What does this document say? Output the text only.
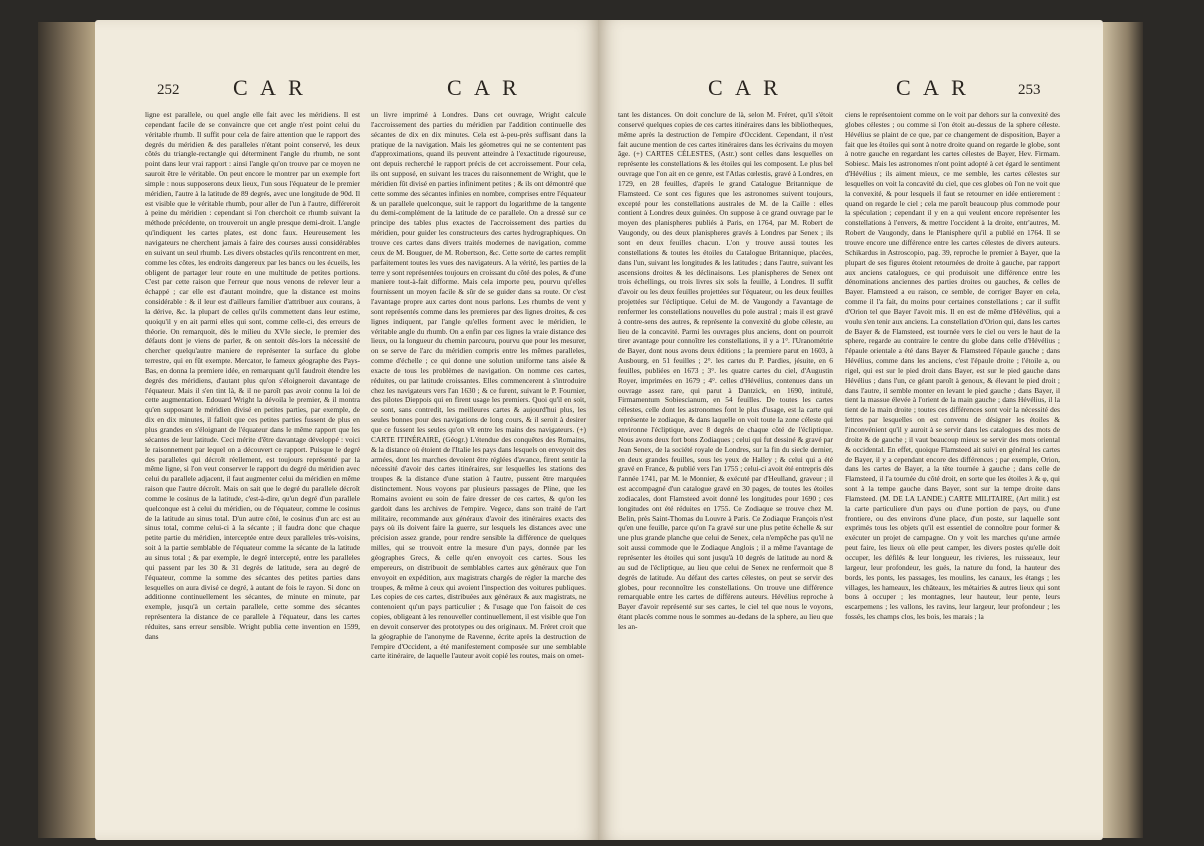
252 C A R	C A R
ligne est parallele, ou quel angle elle fait avec les méridiens. Il est cependant facile de se convaincre que cet angle n'est point celui du véritable rhumb. Il suffit pour cela de faire attention que le rapport des degrés du méridien & des paralleles n'étant point conservé, les deux côtés du triangle-rectangle qui déterminent l'angle du rhumb, ne sont point dans leur vrai rapport : ainsi l'angle qu'on trouve par ce moyen ne sauroit être le véritable. On peut encore le montrer par un exemple fort simple : nous supposerons deux lieux, l'un sous l'équateur de le premier méridien, l'autre à la latitude de 89 degrés, avec une longitude de 90d. Il est visible que le véritable rhumb, pour aller de l'un à l'autre, différeroit à peine du méridien : cependant si l'on cherchoit ce rhumb suivant la méthode précédente, on trouveroit un angle presque demi-droit. L'angle qu'indiquent les cartes plates, est donc faux. Heureusement les navigateurs ne cherchent jamais à faire des courses aussi considérables en suivant un seul rhumb. Les divers obstacles qu'ils rencontrent en mer, comme les côtes, les endroits dangereux par les bancs ou les écueils, les obligent de partager leur route en une multitude de petites portions. C'est par cette raison que l'erreur que nous venons de relever leur a échappé ; car elle est d'autant moindre, que la distance est moins considérable : & il leur est d'ailleurs familier d'attribuer aux courans, à la dérive, &c. la plupart de celles qu'ils commettent dans leur estime, quoiqu'il y en ait parmi elles qui sont, comme celle-ci, des erreurs de théorie. On remarquoit, dès le milieu du XVIe siecle, le premier des défauts dont je viens de parler, & on sentoit dès-lors la nécessité de chercher quelqu'autre maniere de représenter la surface du globe terrestre, qui en fût exempte. Mercator, le fameux géographe des Pays-Bas, en donna la premiere idée, en remarquant qu'il faudroit étendre les degrés des méridiens, d'autant plus qu'on s'éloigneroit davantage de l'équateur. Mais il s'en tint là, & il ne paroît pas avoir connu la loi de cette augmentation. Edouard Wright la dévoila le premier, & il montra qu'en supposant le méridien divisé en petites parties, par exemple, de dix en dix minutes, il falloit que ces petites parties fussent de plus en plus grandes en s'éloignant de l'équateur dans le même rapport que les sécantes de leur latitude. Ceci mérite d'être davantage développé : voici le raisonnement par lequel on a découvert ce rapport. Puisque le degré des paralleles qui décroît réellement, est toujours représenté par la même ligne, si l'on veut conserver le rapport du degré du méridien avec celui du parallele adjacent, il faut augmenter celui du méridien en même raison que l'autre décroît. Mais on sait que le degré du parallele décroît comme le cosinus de la latitude, c'est-à-dire, qu'un degré d'un parallele quelconque est à celui du méridien, ou de l'équateur, comme le cosinus de la latitude au sinus total. D'un autre côté, le cosinus d'un arc est au sinus total, comme celui-ci à la sécante ; il faudra donc que chaque petite partie du méridien, interceptée entre deux paralleles très-voisins, soit à la partie semblable de l'équateur comme la sécante de la latitude au sinus total ; & par exemple, le degré intercepté, entre les paralleles qui passent par les 30 & 31 degrés de latitude, sera au degré de l'équateur, comme la somme des sécantes des petites parties dans lesquelles on aura divisé ce degré, à autant de fois le rayon. Si donc on additionne continuellement les sécantes, de minute en minute, par exemple, jusqu'à un certain parallele, cette somme des sécantes représentera la distance de ce parallele à l'équateur, dans les cartes réduites, sans erreur sensible. Wright publia cette invention en 1599, dans
un livre imprimé à Londres. Dans cet ouvrage, Wright calcule l'accroissement des parties du méridien par l'addition continuelle des sécantes de dix en dix minutes. Cela est à-peu-près suffisant dans la pratique de la navigation. Mais les géometres qui ne se contentent pas d'approximations, quand ils peuvent atteindre à l'exactitude rigoureuse, ont depuis recherché le rapport précis de cet accroissement. Pour cela, ils ont supposé, en suivant les traces du raisonnement de Wright, que le méridien fût divisé en parties infiniment petites ; & ils ont démontré que cette somme des sécantes infinies en nombre, comprises entre l'équateur & un parallele quelconque, suit le rapport du logarithme de la tangente du demi-complément de la latitude de ce parallele. On a dressé sur ce principe des tables plus exactes de l'accroissement des parties du méridien, pour guider les constructeurs des cartes hydrographiques. On trouve ces cartes dans divers traités modernes de navigation, comme ceux de M. Bouguer, de M. Robertson, &c. Cette sorte de cartes remplit parfaitement toutes les vues des navigateurs. A la vérité, les parties de la terre y sont représentées toujours en croissant du côté des poles, & d'une maniere tout-à-fait difforme. Mais cela importe peu, pourvu qu'elles fournissent un moyen facile & sûr de se guider dans sa route. Or c'est l'avantage propre aux cartes dont nous parlons. Les rhumbs de vent y sont représentés comme dans les premieres par des lignes droites, & ces lignes indiquent, par l'angle qu'elles forment avec le méridien, le véritable angle du rhumb. On a enfin par ces lignes la vraie distance des lieux, ou la longueur du chemin parcouru, pourvu que pour les mesurer, on se serve de l'arc du méridien compris entre les mêmes paralleles, comme d'échelle ; ce qui donne une solution uniforme tans aisée & exacte de tous les problèmes de navigation. On nomme ces cartes, réduites, ou par latitude croissantes. Elles commencerent à s'introduire chez les navigateurs vers l'an 1630 ; & ce furent, suivant le P. Fournier, des pilotes Dieppois qui en firent usage les premiers. Quoi qu'il en soit, ce sont, sans contredit, les meilleures cartes & aujourd'hui plus, les seules bonnes pour des navigations de long cours, & il seroit à desirer que ce fussent les seules qu'on vît entre les mains des navigateurs. (+) CARTE ITINÉRAIRE, (Géogr.) L'étendue des conquêtes des Romains, & la distance où étoient de l'Italie les pays dans lesquels on envoyoit des armées, dont les marches devoient être réglées d'avance, firent sentir la nécessité d'avoir des cartes itinéraires, sur lesquelles les stations des troupes & la distance d'une station à l'autre, pussent être marquées distinctement. Nous voyons par plusieurs passages de Pline, que les Romains avoient eu soin de faire dresser de ces cartes, & qu'on les gardoit dans les archives de l'empire. Vegece, dans son traité de l'art militaire, recommande aux généraux d'avoir des itinéraires exacts des pays où ils doivent faire la guerre, sur lesquels les distances avec une précision assez grande, pour rendre sensible la différence de quelques milles, qui se trouvoit entre la mesure d'un pays, donnée par les géographes Grecs, & celle qu'en envoyoit ces cartes. Sous les empereurs, on distribuoit de semblables cartes aux généraux que l'on envoyoit en expédition, aux magistrats chargés de régler la marche des troupes, & même à ceux qui avoient l'inspection des voitures publiques. Les copies de ces cartes, distribuées aux généraux & aux magistrats, ne contenoient qu'un pays particulier ; & l'usage que l'on faisoit de ces copies, obligeant à les renouveller continuellement, il est visible que l'on en devoit conserver des prototypes ou des originaux. M. Fréret croit que la géographie de l'anonyme de Ravenne, écrite après la destruction de l'empire d'Occident, a été manifestement composée sur une semblable carte itinéraire, de laquelle l'auteur avoit copié les routes, mais on omet-
C A R	C A R	253
tant les distances. On doit conclure de là, selon M. Fréret, qu'il s'étoit conservé quelques copies de ces cartes itinéraires dans les bibliotheques, même après la destruction de l'empire d'Occident. Cependant, il n'est fait aucune mention de ces cartes itinéraires dans les écrivains du moyen âge. (+) CARTES CÉLESTES, (Astr.) sont celles dans lesquelles on représente les constellations & les étoiles qui les composent. Le plus bel ouvrage que l'on ait en ce genre, est l'Atlas cœlestis, gravé à Londres, en 1729, en 28 feuilles, d'après le grand Catalogue Britannique de Flamsteed. Ce sont ces figures que les astronomes suivent toujours, excepté pour les constellations australes de M. de la Caille : elles contient à Londres deux guinées. On suppose à ce grand ouvrage par le moyen des planispheres publiés à Paris, en 1764, par M. Robert de Vaugondy, ou des deux planispheres gravés à Londres par Senex ; ils sont en deux feuilles chacun. L'on y trouve aussi toutes les constellations & toutes les étoiles du Catalogue Britannique, placées, dans l'un, suivant les longitudes & les latitudes ; dans l'autre, suivant les ascensions droites & les déclinaisons. Les planispheres de Senex ont trois échellings, ou trois livres six sols la feuille, à Londres. Il suffit d'avoir ou les deux feuilles projettées sur l'équateur, ou les deux feuilles projettées sur l'écliptique. Celui de M. de Vaugondy a l'avantage de renfermer les constellations nouvelles du pole austral ; mais il est gravé à contre-sens des autres, & représente la convexité du globe céleste, au lieu de la concavité. Parmi les ouvrages plus anciens, dont on pourroit tirer avantage pour connoître les constellations, il y a 1°. l'Uranométrie de Bayer, dont nous avons deux éditions ; la premiere parut en 1603, à Ausbourg, en 51 feuilles ; 2°. les cartes du P. Pardies, jésuite, en 6 feuilles, publiées en 1673 ; 3°. les quatre cartes du ciel, d'Augustin Royer, imprimées en 1679 ; 4°. celles d'Hévélius, contenues dans un ouvrage assez rare, qui parut à Dantzick, en 1690, intitulé, Firmamentum Sobiescianum, en 54 feuilles. De toutes les cartes célestes, celle dont les astronomes font le plus d'usage, est la carte qui représente le zodiaque, & dans laquelle on voit toute la zone céleste qui environne l'écliptique, avec 8 degrés de chaque côté de l'écliptique. Nous avons deux fort bons Zodiaques ; celui qui fut dessiné & gravé par Jean Senex, de la société royale de Londres, sur la fin du siecle dernier, en deux grandes feuilles, sous les yeux de Halley ; & celui qui a été gravé en France, & publié vers l'an 1755 ; celui-ci avoit été entrepris dès l'année 1741, par M. le Monnier, & exécuté par d'Heulland, graveur ; il est accompagné d'un catalogue gravé en 30 pages, de toutes les étoiles zodiacales, dont Flamsteed avoit donné les longitudes pour 1690 ; ces longitudes ont été réduites en 1755. Ce Zodiaque se trouve chez M. Belin, près Saint-Thomas du Louvre à Paris. Ce Zodiaque François n'est qu'en une feuille, parce qu'on l'a gravé sur une plus petite échelle & sur une plus grande planche que celui de Senex, cela n'empêche pas qu'il ne soit aussi commode que le Zodiaque Anglois ; il a même l'avantage de représenter les étoiles qui sont jusqu'à 10 degrés de latitude au nord & au sud de l'écliptique, au lieu que celui de Senex ne renfermoit que 8 degrés de latitude. Au défaut des cartes célestes, on peut se servir des globes, pour reconnoître les constellations. On trouve une différence remarquable entre les cartes de différens auteurs. Hévélius reproche à Bayer d'avoir représenté sur ses cartes, le ciel tel que nous le voyons, étant placés comme nous le sommes au-dedans de la sphere, au lieu que les an-
ciens le représentoient comme on le voit par dehors sur la convexité des globes célestes ; ou comme si l'on étoit au-dessus de la sphere céleste. Hévélius se plaint de ce que, par ce changement de disposition, Bayer a fait que les étoiles qui sont à notre droite quand on regarde le globe, sont à notre gauche en regardant les cartes célestes de Bayer, Hev. Firmam. Sobiesc. Mais les astronomes n'ont point adopté à cet égard le sentiment d'Hévélius ; ils aiment mieux, ce me semble, les cartes célestes sur lesquelles on voit la concavité du ciel, que ces globes où l'on ne voit que la convexité, & pour lesquels il faut se retourner en idée entierement : quand on regarde le ciel ; cela me paroît beaucoup plus commode pour la spéculation ; cependant il y en a qui veulent encore représenter les constellations à l'envers, & mettre l'occident à la droite, entr'autres, M. Robert de Vaugondy, dans le Planisphere qu'il a publié en 1764. Il se trouve encore une différence entre les cartes célestes de divers auteurs. Schikardus in Astroscopio, pag. 39, reproche le premier à Bayer, que la plupart de ses figures étoient retournées de droite à gauche, par rapport aux anciens catalogues, ce qui produisoit une différence entre les dénominations anciennes des parties droites ou gauches, & celles de Bayer. Flamsteed a eu raison, ce semble, de corriger Bayer en cela, comme il l'a fait, du moins pour certaines constellations ; car il suffit d'Orion tel que Bayer l'avoit mis. Il en est de même d'Hévélius, qui a voulu s'en tenir aux anciens. La constellation d'Orion qui, dans les cartes de Bayer & de Flamsteed, est tournée vers le ciel ou vers le haut de la sphere, regarde au contraire le centre du globe dans celle d'Hévélius ; l'épaule orientale a été dans Bayer & Flamsteed l'épaule gauche ; dans Hévélius, comme dans les anciens, c'est l'épaule droite ; l'étoile a, ou rigel, qui est sur le pied droit dans Bayer, est sur le pied gauche dans Hévélius ; dans l'un, ce géant paroît à genoux, & élevant le pied droit ; dans l'autre, il semble monter en levant le pied gauche ; dans Bayer, il tient la massue élevée à l'orient de la main gauche ; dans Hévélius, il la tient de la main droite ; toutes ces différences sont voir la nécessité des lettres par lesquelles on est convenu de désigner les étoiles & l'inconvénient qu'il y auroit à se servir dans les catalogues des mots de droite & de gauche ; il vaut beaucoup mieux se servir des mots oriental & occidental. En effet, quoique Flamsteed ait suivi en général les cartes de Bayer, il y a cependant encore des différences ; par exemple, Orion, dans les cartes de Bayer, a la tête tournée à gauche ; dans celle de Flamsteed, il l'a tournée du côté droit, en sorte que les étoiles λ & φ, qui sont à la tempe gauche dans Bayer, sont sur la tempe droite dans Flamsteed. (M. DE LA LANDE.) CARTE MILITAIRE, (Art milit.) est la carte particuliere d'un pays ou d'une portion de pays, ou d'une frontiere, ou des environs d'une place, d'un poste, sur laquelle sont exprimés tous les objets qu'il est essentiel de connoître pour former & exécuter un projet de campagne. On y voit les marches qu'une armée peut faire, les lieux où elle peut camper, les divers postes qu'elle doit occuper, les défilés & leur longueur, les rivieres, les ruisseaux, leur largeur, leur profondeur, les gués, la nature du fond, la hauteur des bords, les ponts, les passages, les moulins, les canaux, les étangs ; les villages, les hameaux, les châteaux, les métairies & autres lieux qui sont bons à occuper ; les montagnes, leur hauteur, leur pente, leurs escarpemens ; les vallons, les ravins, leur largeur, leur profondeur ; les fossés, les champs clos, les bois, les marais ; la
